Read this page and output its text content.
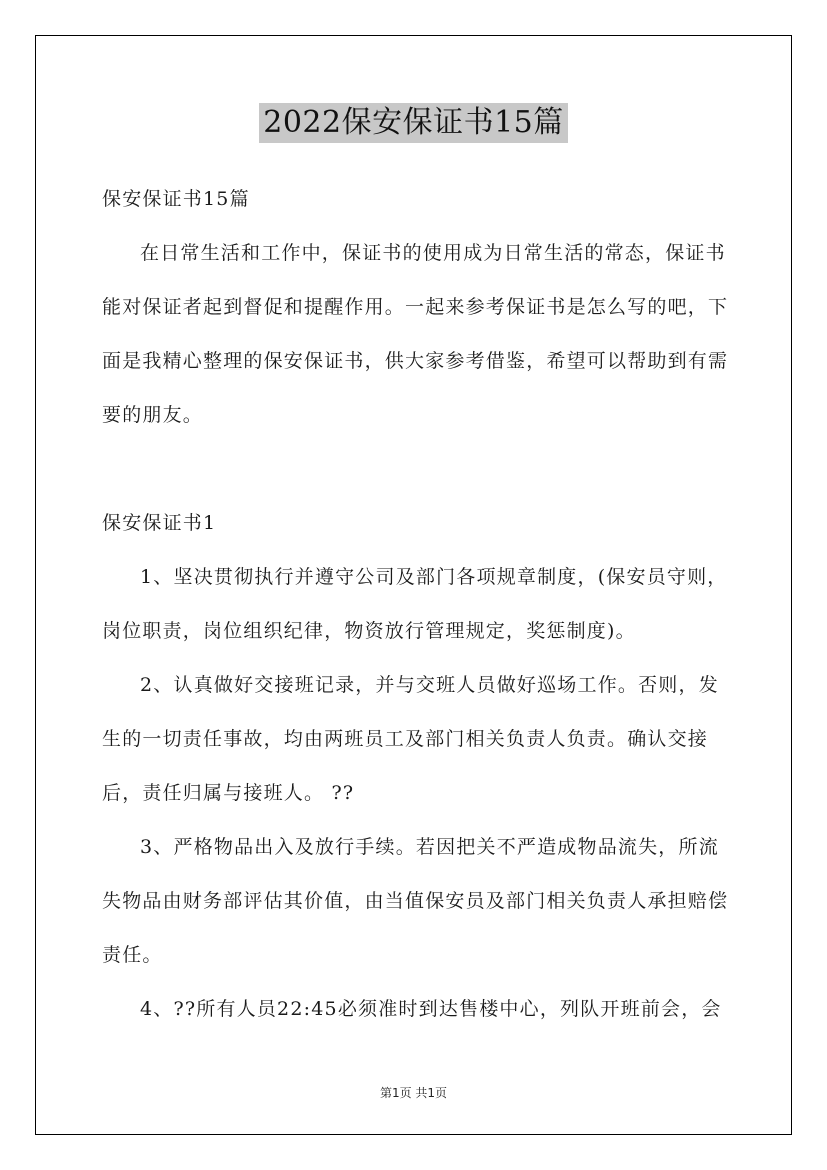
2022保安保证书15篇

保安保证书15篇

在日常生活和工作中，保证书的使用成为日常生活的常态，保证书能对保证者起到督促和提醒作用。一起来参考保证书是怎么写的吧，下面是我精心整理的保安保证书，供大家参考借鉴，希望可以帮助到有需要的朋友。

保安保证书1

1、坚决贯彻执行并遵守公司及部门各项规章制度，(保安员守则，岗位职责，岗位组织纪律，物资放行管理规定，奖惩制度)。

2、认真做好交接班记录，并与交班人员做好巡场工作。否则，发生的一切责任事故，均由两班员工及部门相关负责人负责。确认交接后，责任归属与接班人。 ??

3、严格物品出入及放行手续。若因把关不严造成物品流失，所流失物品由财务部评估其价值，由当值保安员及部门相关负责人承担赔偿责任。

4、??所有人员22:45必须准时到达售楼中心，列队开班前会，会

第1页 共1页
